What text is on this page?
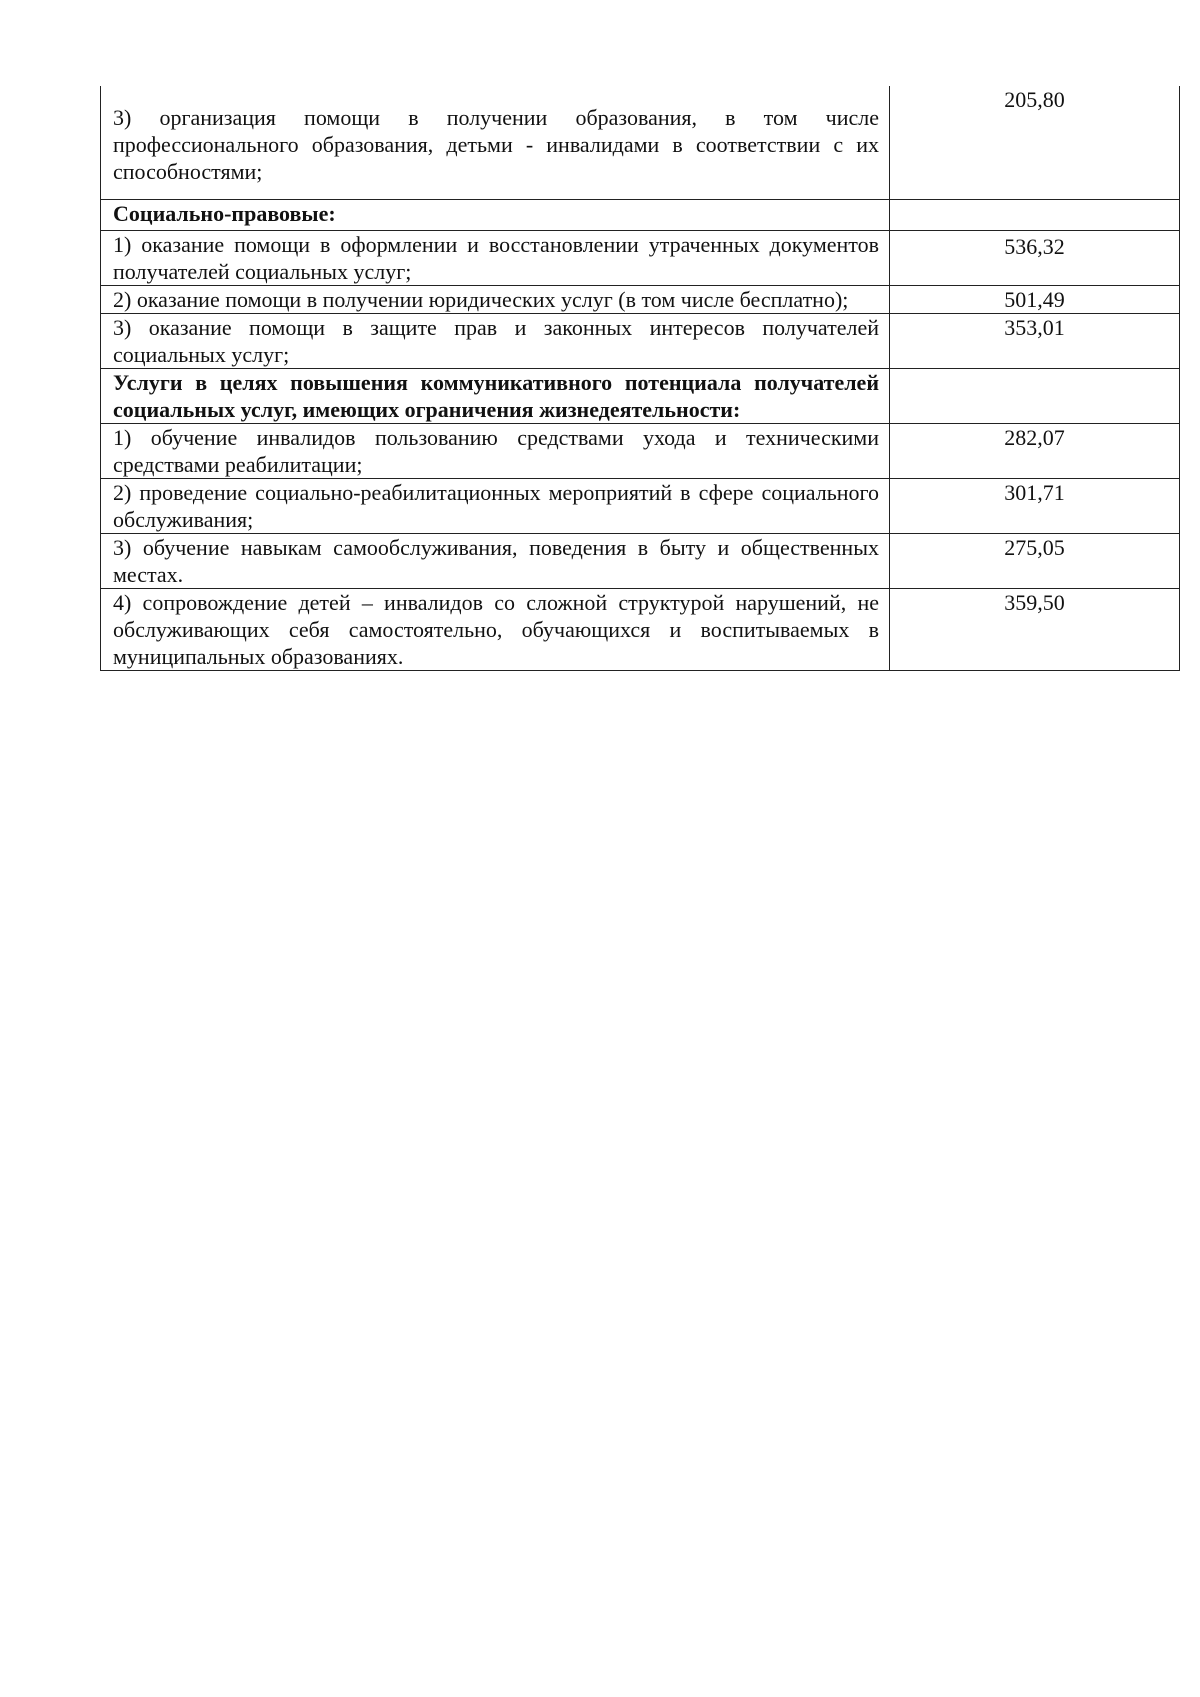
3) организация помощи в получении образования, в том числе профессионального образования, детьми - инвалидами в соответствии с их способностями;	205,80

Социально-правовые:	

1) оказание помощи в оформлении и восстановлении утраченных документов получателей социальных услуг;	536,32

2) оказание помощи в получении юридических услуг (в том числе бесплатно);	501,49

3) оказание помощи в защите прав и законных интересов получателей социальных услуг;	353,01

Услуги в целях повышения коммуникативного потенциала получателей социальных услуг, имеющих ограничения жизнедеятельности:	

1) обучение инвалидов пользованию средствами ухода и техническими средствами реабилитации;	282,07

2) проведение социально-реабилитационных мероприятий в сфере социального обслуживания;	301,71

3) обучение навыкам самообслуживания, поведения в быту и общественных местах.	275,05

4) сопровождение детей – инвалидов со сложной структурой нарушений, не обслуживающих себя самостоятельно, обучающихся и воспитываемых в муниципальных образованиях.	359,50
